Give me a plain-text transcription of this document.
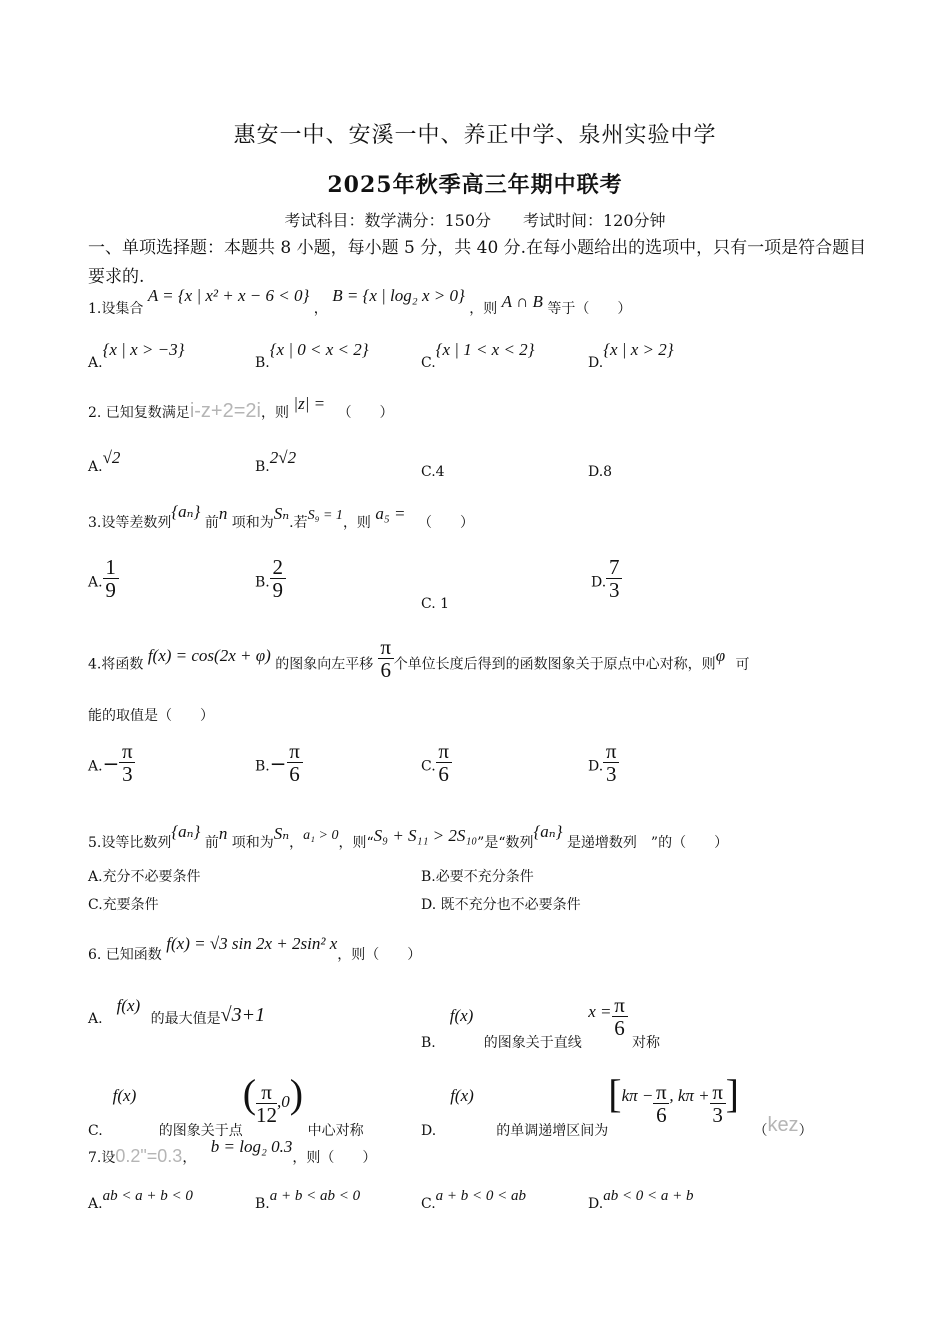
惠安一中、安溪一中、养正中学、泉州实验中学
2025年秋季高三年期中联考
考试科目：数学满分：150分　　考试时间：120分钟
一、单项选择题：本题共 8 小题，每小题 5 分，共 40 分.在每小题给出的选项中，只有一项是符合题目要求的.
1.设集合 A = {x | x² + x − 6 < 0} ， B = {x | log₂ x > 0} ，则 A ∩ B 等于（　　）
A.{x | x > −3}
B.{x | 0 < x < 2}
C.{x | 1 < x < 2}
D.{x | x > 2}
2. 已知复数满足i-z+2=2i，则 |z| = （　　）
A.√2	B.2√2
C.4	D.8
3.设等差数列{aₙ} 前n 项和为Sₙ.若S₉ = 1，则 a₅ = （　　）
A. $\frac{1}{9}$	B. $\frac{2}{9}$
C. 1
D. $\frac{7}{3}$
4.将函数 f(x) = cos(2x + φ) 的图象向左平移 $\frac{\pi}{6}$ 个单位长度后得到的函数图象关于原点中心对称，则φ 可
能的取值是（　　）
$A.- \frac{\pi}{3}$	$B.- \frac{\pi}{6}$	C. $\frac{\pi}{6}$	D. $\frac{\pi}{3}$
5.设等比数列{aₙ} 前n 项和为Sₙ，a₁ > 0，则“S₉ + S₁₁ > 2S₁₀”是“数列{aₙ} 是递增数列　”的（　　）
A.充分不必要条件	B.必要不充分条件
C.充要条件	D. 既不充分也不必要条件
6. 已知函数 f(x) = √3 sin 2x + 2sin² x，则（　　）
A.f(x) 的最大值是√3+1
B.f(x) 的图象关于直线 $x = \frac{\pi}{6}$
对称
C.f(x) 的图象关于点( $\frac{\pi}{12} ,0$) 中心对称	D.f(x) 的单调递增区间为[$k\pi - \frac{\pi}{6}$ , $k\pi + \frac{\pi}{3}$ ] （kez）
7.设0.2"=0.3， b = log₂ 0.3，则（　　）
A.ab < a + b < 0	B.a + b < ab < 0	C.a + b < 0 < ab	D.ab < 0 < a + b
